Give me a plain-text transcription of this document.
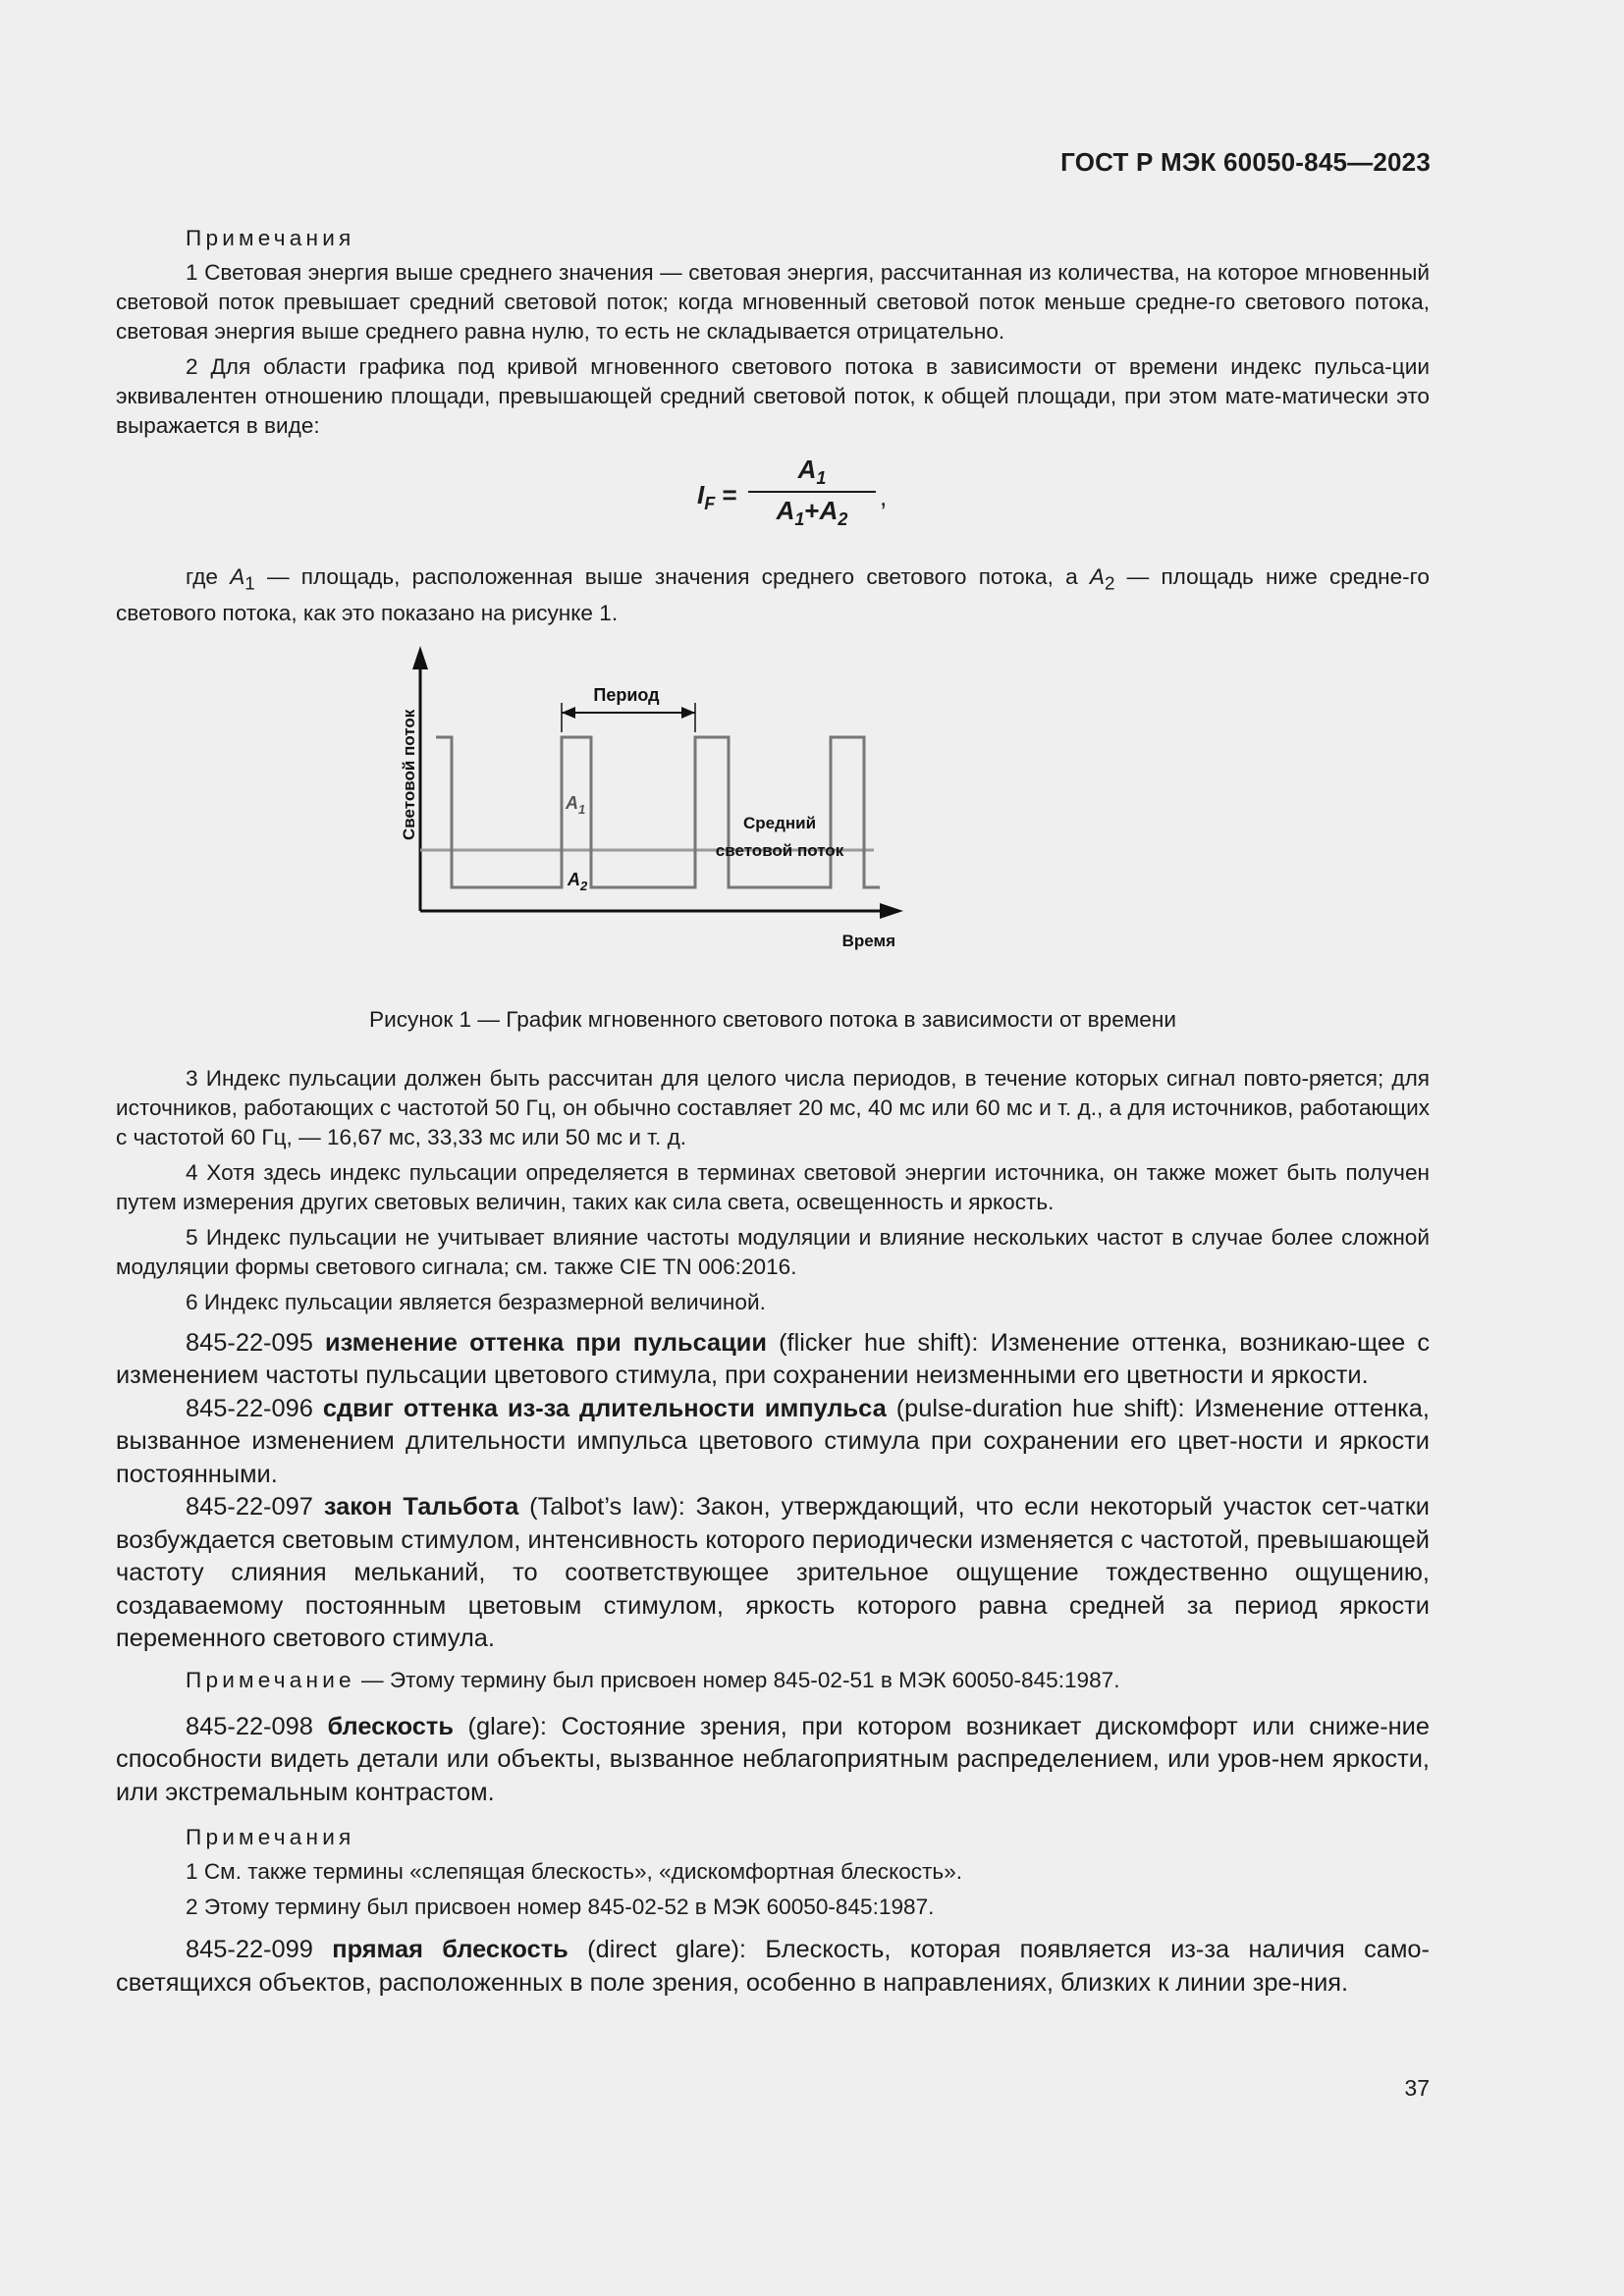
ГОСТ Р МЭК 60050-845—2023

Примечания

1 Световая энергия выше среднего значения — световая энергия, рассчитанная из количества, на которое мгновенный световой поток превышает средний световой поток; когда мгновенный световой поток меньше средне-го светового потока, световая энергия выше среднего равна нулю, то есть не складывается отрицательно.

2 Для области графика под кривой мгновенного светового потока в зависимости от времени индекс пульса-ции эквивалентен отношению площади, превышающей средний световой поток, к общей площади, при этом мате-матически это выражается в виде:

$I_F = \frac{A_1}{A_1+A_2}$ ,

где $A_1$ — площадь, расположенная выше значения среднего светового потока, а $A_2$ — площадь ниже средне-го светового потока, как это показано на рисунке 1.

Период
Световой поток
Время
$A_1$
$A_2$
Средний
световой поток

Рисунок 1 — График мгновенного светового потока в зависимости от времени

3 Индекс пульсации должен быть рассчитан для целого числа периодов, в течение которых сигнал повто-ряется; для источников, работающих с частотой 50 Гц, он обычно составляет 20 мс, 40 мс или 60 мс и т. д., а для источников, работающих с частотой 60 Гц, — 16,67 мс, 33,33 мс или 50 мс и т. д.

4 Хотя здесь индекс пульсации определяется в терминах световой энергии источника, он также может быть получен путем измерения других световых величин, таких как сила света, освещенность и яркость.

5 Индекс пульсации не учитывает влияние частоты модуляции и влияние нескольких частот в случае более сложной модуляции формы светового сигнала; см. также CIE TN 006:2016.

6 Индекс пульсации является безразмерной величиной.

845-22-095 изменение оттенка при пульсации (flicker hue shift): Изменение оттенка, возникаю-щее с изменением частоты пульсации цветового стимула, при сохранении неизменными его цветности и яркости.

845-22-096 сдвиг оттенка из-за длительности импульса (pulse-duration hue shift): Изменение оттенка, вызванное изменением длительности импульса цветового стимула при сохранении его цвет-ности и яркости постоянными.

845-22-097 закон Тальбота (Talbot’s law): Закон, утверждающий, что если некоторый участок сет-чатки возбуждается световым стимулом, интенсивность которого периодически изменяется с частотой, превышающей частоту слияния мельканий, то соответствующее зрительное ощущение тождественно ощущению, создаваемому постоянным цветовым стимулом, яркость которого равна средней за период яркости переменного светового стимула.

Примечание — Этому термину был присвоен номер 845-02-51 в МЭК 60050-845:1987.

845-22-098 блескость (glare): Состояние зрения, при котором возникает дискомфорт или сниже-ние способности видеть детали или объекты, вызванное неблагоприятным распределением, или уров-нем яркости, или экстремальным контрастом.

Примечания

1 См. также термины «слепящая блескость», «дискомфортная блескость».

2 Этому термину был присвоен номер 845-02-52 в МЭК 60050-845:1987.

845-22-099 прямая блескость (direct glare): Блескость, которая появляется из-за наличия само-светящихся объектов, расположенных в поле зрения, особенно в направлениях, близких к линии зре-ния.

37
